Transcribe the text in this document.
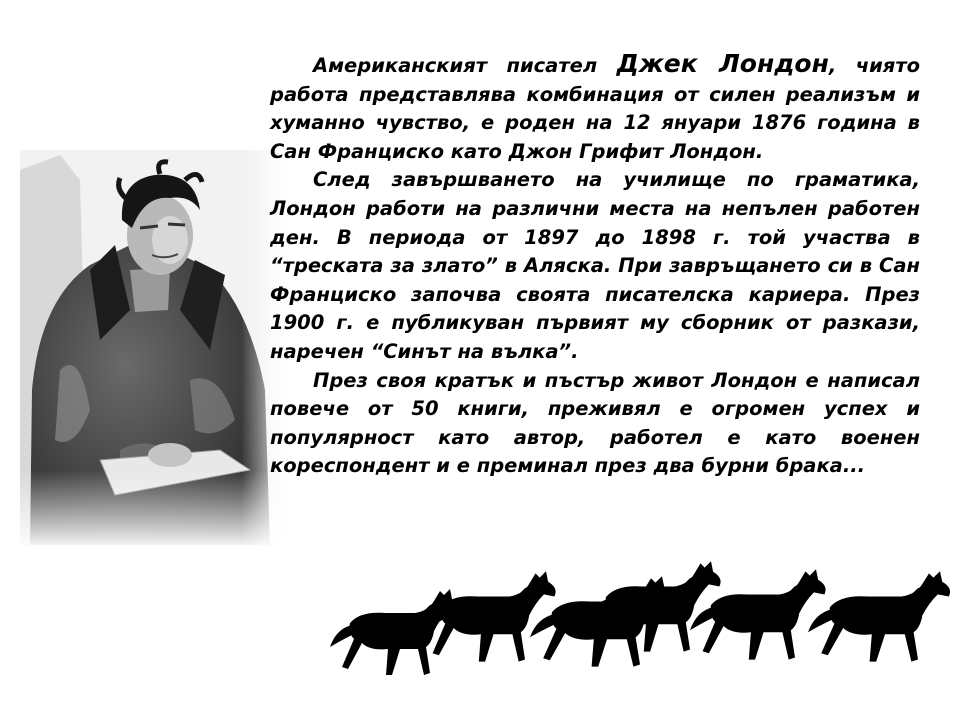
Американският писател Джек Лондон, чиято работа представлява комбинация от силен реализъм и хуманно чувство, е роден на 12 януари 1876 година в Сан Франциско като Джон Грифит Лондон.

След завършването на училище по граматика, Лондон работи на различни места на непълен работен ден. В периода от 1897 до 1898 г. той участва в “треската за злато” в Аляска. При завръщането си в Сан Франциско започва своята писателска кариера. През 1900 г. е публикуван първият му сборник от разкази, наречен “Синът на вълка”.

През своя кратък и пъстър живот Лондон е написал повече от 50 книги, преживял е огромен успех и популярност като автор, работел е като военен кореспондент и е преминал през два бурни брака...
